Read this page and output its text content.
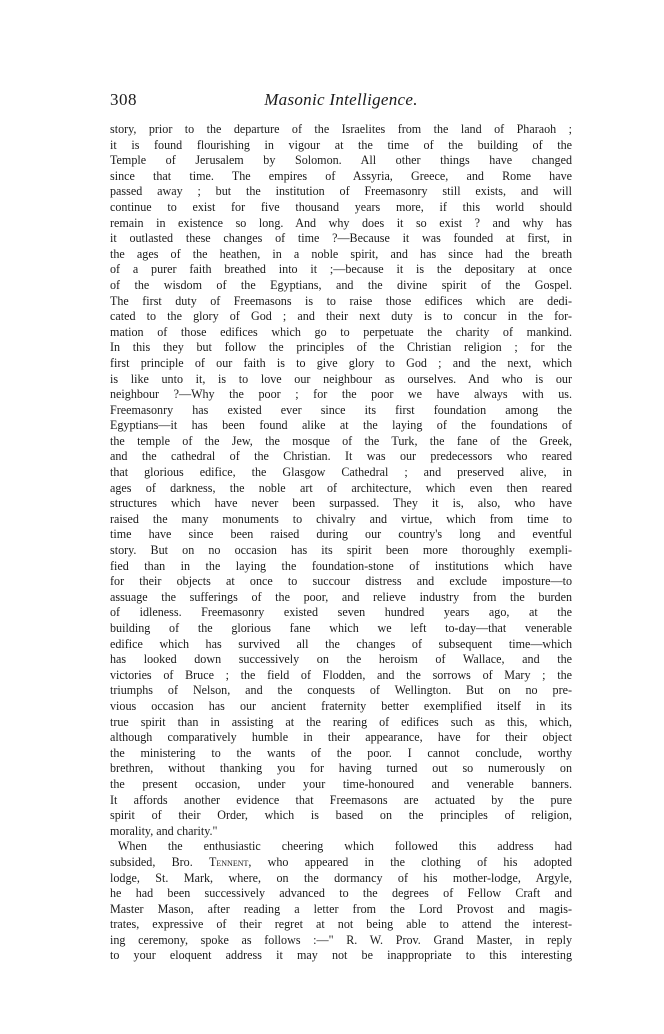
308	Masonic Intelligence.
story, prior to the departure of the Israelites from the land of Pharaoh ;
it is found flourishing in vigour at the time of the building of the
Temple of Jerusalem by Solomon. All other things have changed
since that time. The empires of Assyria, Greece, and Rome have
passed away ; but the institution of Freemasonry still exists, and will
continue to exist for five thousand years more, if this world should
remain in existence so long. And why does it so exist ? and why has
it outlasted these changes of time ?—Because it was founded at first, in
the ages of the heathen, in a noble spirit, and has since had the breath
of a purer faith breathed into it ;—because it is the depositary at once
of the wisdom of the Egyptians, and the divine spirit of the Gospel.
The first duty of Freemasons is to raise those edifices which are dedi-
cated to the glory of God ; and their next duty is to concur in the for-
mation of those edifices which go to perpetuate the charity of mankind.
In this they but follow the principles of the Christian religion ; for the
first principle of our faith is to give glory to God ; and the next, which
is like unto it, is to love our neighbour as ourselves. And who is our
neighbour ?—Why the poor ; for the poor we have always with us.
Freemasonry has existed ever since its first foundation among the
Egyptians—it has been found alike at the laying of the foundations of
the temple of the Jew, the mosque of the Turk, the fane of the Greek,
and the cathedral of the Christian. It was our predecessors who reared
that glorious edifice, the Glasgow Cathedral ; and preserved alive, in
ages of darkness, the noble art of architecture, which even then reared
structures which have never been surpassed. They it is, also, who have
raised the many monuments to chivalry and virtue, which from time to
time have since been raised during our country's long and eventful
story. But on no occasion has its spirit been more thoroughly exempli-
fied than in the laying the foundation-stone of institutions which have
for their objects at once to succour distress and exclude imposture—to
assuage the sufferings of the poor, and relieve industry from the burden
of idleness. Freemasonry existed seven hundred years ago, at the
building of the glorious fane which we left to-day—that venerable
edifice which has survived all the changes of subsequent time—which
has looked down successively on the heroism of Wallace, and the
victories of Bruce ; the field of Flodden, and the sorrows of Mary ; the
triumphs of Nelson, and the conquests of Wellington. But on no pre-
vious occasion has our ancient fraternity better exemplified itself in its
true spirit than in assisting at the rearing of edifices such as this, which,
although comparatively humble in their appearance, have for their object
the ministering to the wants of the poor. I cannot conclude, worthy
brethren, without thanking you for having turned out so numerously on
the present occasion, under your time-honoured and venerable banners.
It affords another evidence that Freemasons are actuated by the pure
spirit of their Order, which is based on the principles of religion,
morality, and charity."
When the enthusiastic cheering which followed this address had
subsided, Bro. Tennent, who appeared in the clothing of his adopted
lodge, St. Mark, where, on the dormancy of his mother-lodge, Argyle,
he had been successively advanced to the degrees of Fellow Craft and
Master Mason, after reading a letter from the Lord Provost and magis-
trates, expressive of their regret at not being able to attend the interest-
ing ceremony, spoke as follows :—" R. W. Prov. Grand Master, in reply
to your eloquent address it may not be inappropriate to this interesting
